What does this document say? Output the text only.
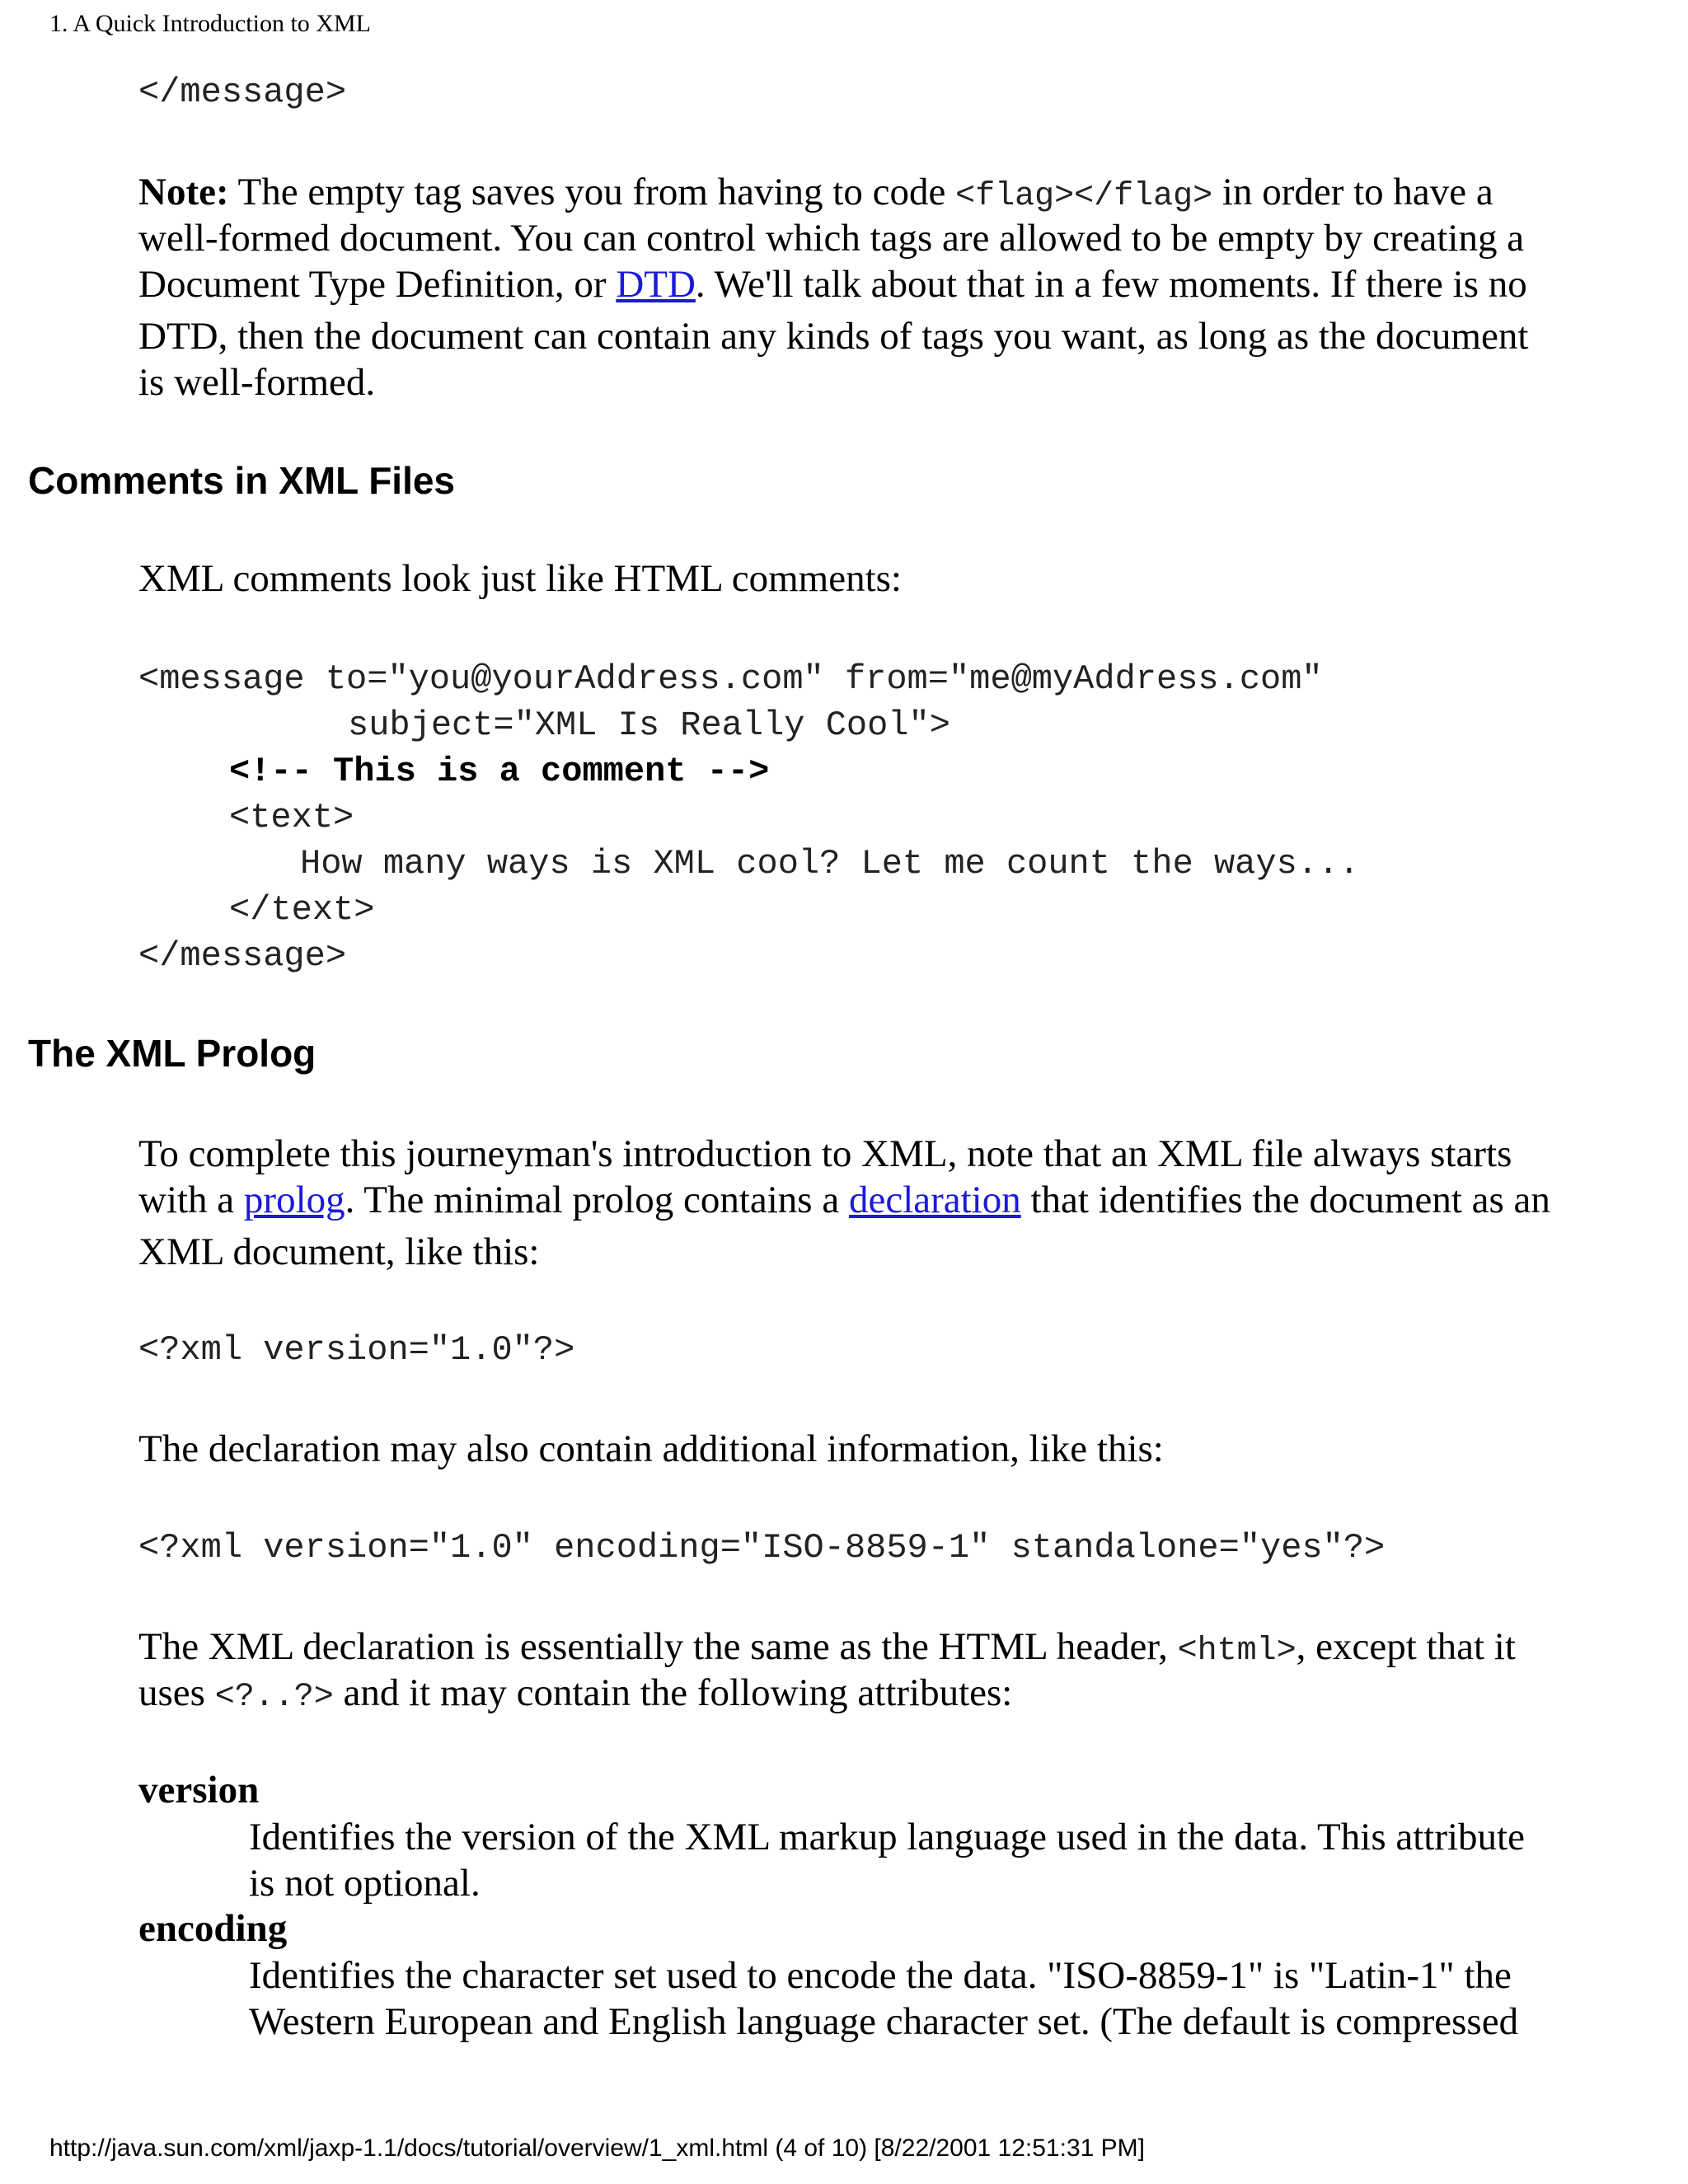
1. A Quick Introduction to XML
</message>
Note: The empty tag saves you from having to code <flag></flag> in order to have a
well-formed document. You can control which tags are allowed to be empty by creating a
Document Type Definition, or DTD. We'll talk about that in a few moments. If there is no
DTD, then the document can contain any kinds of tags you want, as long as the document
is well-formed.
Comments in XML Files
XML comments look just like HTML comments:
<message to="you@yourAddress.com" from="me@myAddress.com"
subject="XML Is Really Cool">
<!-- This is a comment -->
<text>
How many ways is XML cool? Let me count the ways...
</text>
</message>
The XML Prolog
To complete this journeyman's introduction to XML, note that an XML file always starts
with a prolog. The minimal prolog contains a declaration that identifies the document as an
XML document, like this:
<?xml version="1.0"?>
The declaration may also contain additional information, like this:
<?xml version="1.0" encoding="ISO-8859-1" standalone="yes"?>
The XML declaration is essentially the same as the HTML header, <html>, except that it
uses <?..?> and it may contain the following attributes:
version
Identifies the version of the XML markup language used in the data. This attribute
is not optional.
encoding
Identifies the character set used to encode the data. "ISO-8859-1" is "Latin-1" the
Western European and English language character set. (The default is compressed
http://java.sun.com/xml/jaxp-1.1/docs/tutorial/overview/1_xml.html (4 of 10) [8/22/2001 12:51:31 PM]
